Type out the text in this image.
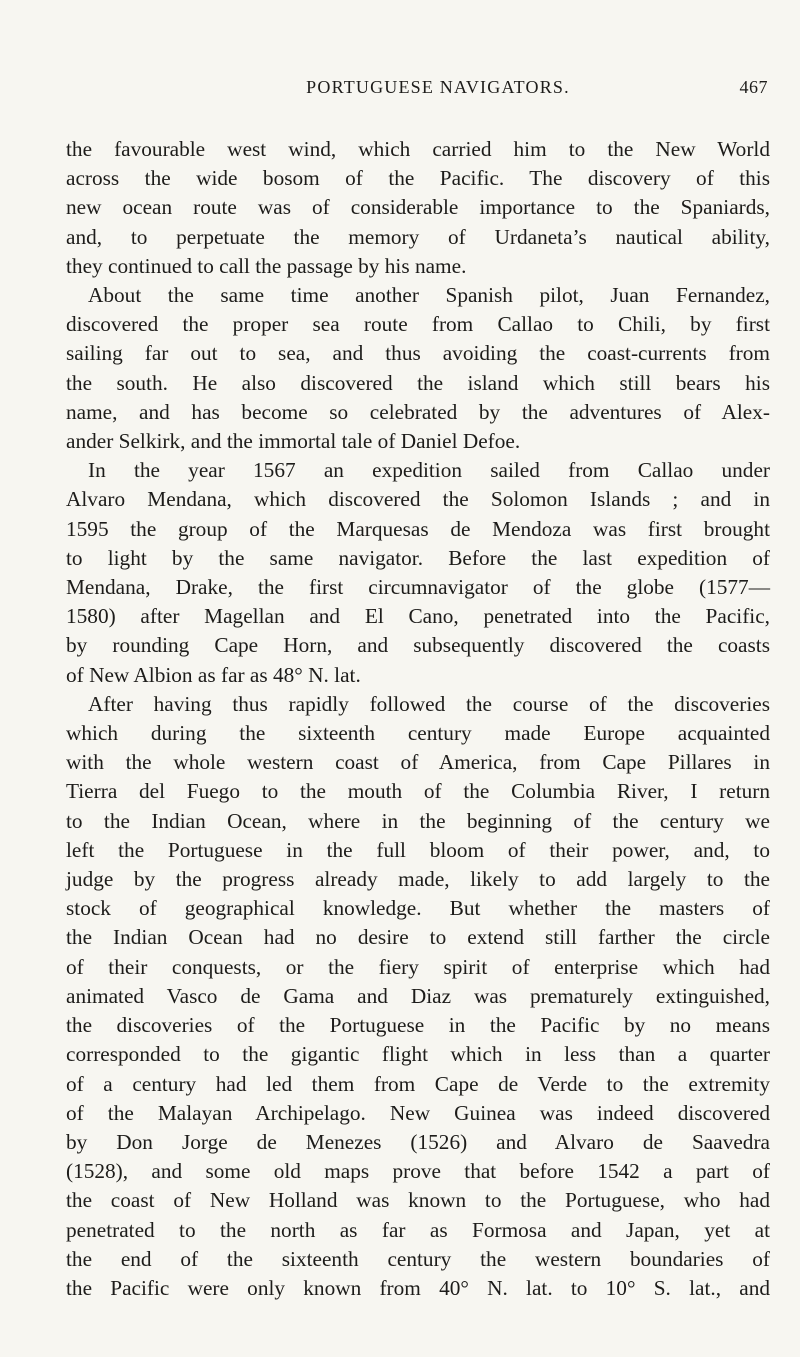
PORTUGUESE NAVIGATORS.	467

the favourable west wind, which carried him to the New World
across the wide bosom of the Pacific. The discovery of this
new ocean route was of considerable importance to the Spaniards,
and, to perpetuate the memory of Urdaneta’s nautical ability,
they continued to call the passage by his name.

About the same time another Spanish pilot, Juan Fernandez,
discovered the proper sea route from Callao to Chili, by first
sailing far out to sea, and thus avoiding the coast-currents from
the south. He also discovered the island which still bears his
name, and has become so celebrated by the adventures of Alex-
ander Selkirk, and the immortal tale of Daniel Defoe.

In the year 1567 an expedition sailed from Callao under
Alvaro Mendana, which discovered the Solomon Islands ; and in
1595 the group of the Marquesas de Mendoza was first brought
to light by the same navigator. Before the last expedition of
Mendana, Drake, the first circumnavigator of the globe (1577—
1580) after Magellan and El Cano, penetrated into the Pacific,
by rounding Cape Horn, and subsequently discovered the coasts
of New Albion as far as 48° N. lat.

After having thus rapidly followed the course of the discoveries
which during the sixteenth century made Europe acquainted
with the whole western coast of America, from Cape Pillares in
Tierra del Fuego to the mouth of the Columbia River, I return
to the Indian Ocean, where in the beginning of the century we
left the Portuguese in the full bloom of their power, and, to
judge by the progress already made, likely to add largely to the
stock of geographical knowledge. But whether the masters of
the Indian Ocean had no desire to extend still farther the circle
of their conquests, or the fiery spirit of enterprise which had
animated Vasco de Gama and Diaz was prematurely extinguished,
the discoveries of the Portuguese in the Pacific by no means
corresponded to the gigantic flight which in less than a quarter
of a century had led them from Cape de Verde to the extremity
of the Malayan Archipelago. New Guinea was indeed discovered
by Don Jorge de Menezes (1526) and Alvaro de Saavedra
(1528), and some old maps prove that before 1542 a part of
the coast of New Holland was known to the Portuguese, who had
penetrated to the north as far as Formosa and Japan, yet at
the end of the sixteenth century the western boundaries of
the Pacific were only known from 40° N. lat. to 10° S. lat., and
